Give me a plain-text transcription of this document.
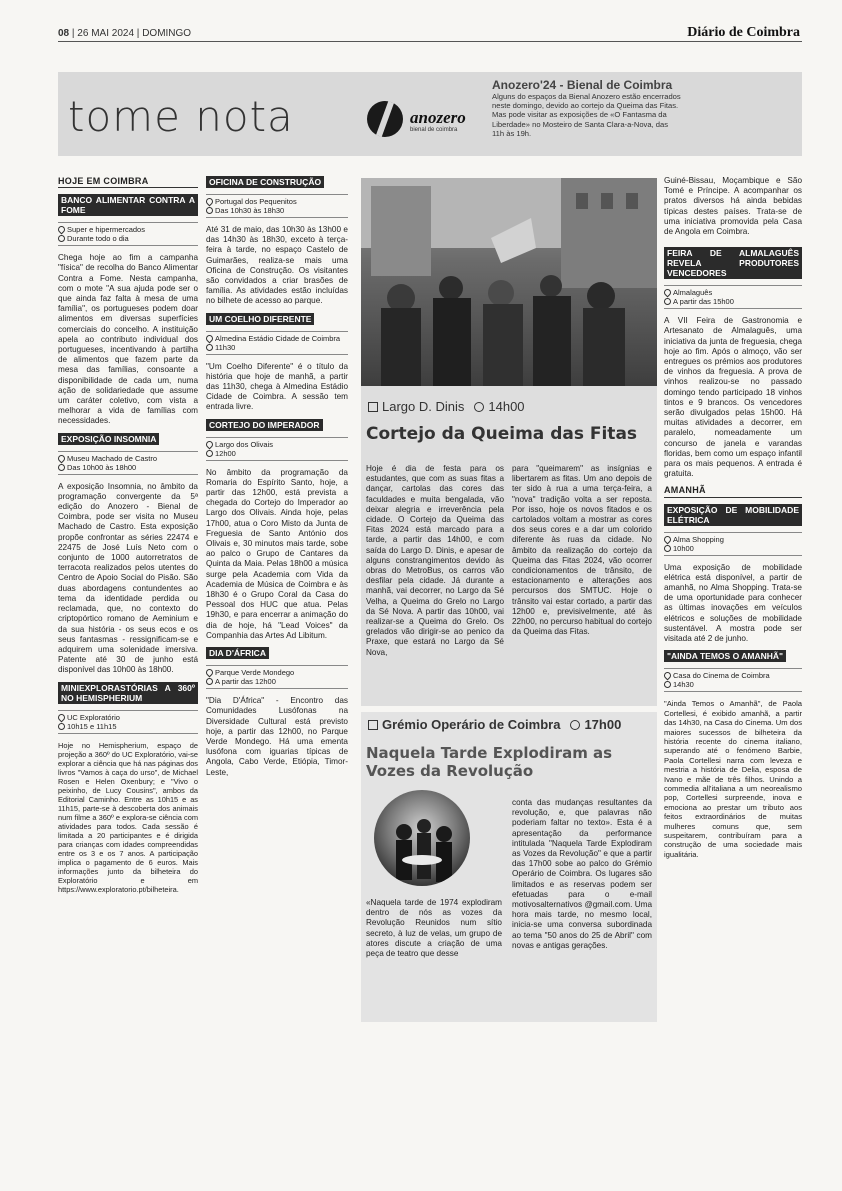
08 | 26 MAI 2024 | DOMINGO	Diário de Coimbra
tome nota	anozero
bienal de coimbra
Anozero'24 - Bienal de Coimbra
Alguns do espaços da Bienal Anozero estão encerrados neste domingo, devido ao cortejo da Queima das Fitas. Mas pode visitar as exposições de «O Fantasma da Liberdade» no Mosteiro de Santa Clara-a-Nova, das 11h às 19h.
HOJE EM COIMBRA
BANCO ALIMENTAR CONTRA A FOME
Super e hipermercados
Durante todo o dia

Chega hoje ao fim a campanha "física" de recolha do Banco Alimentar Contra a Fome. Nesta campanha, com o mote "A sua ajuda pode ser o que ainda faz falta à mesa de uma família", os portugueses podem doar alimentos em diversas superfícies comerciais do concelho. A instituição apela ao contributo individual dos portugueses, incentivando à partilha de alimentos que fazem parte da mesa das famílias, consoante a disponibilidade de cada um, numa ação de solidariedade que assume um caráter coletivo, com vista a melhorar a vida de famílias com necessidades.

EXPOSIÇÃO INSOMNIA
Museu Machado de Castro
Das 10h00 às 18h00

A exposição Insomnia, no âmbito da programação convergente da 5ª edição do Anozero - Bienal de Coimbra, pode ser visita no Museu Machado de Castro. Esta exposição propõe confrontar as séries 22474 e 22475 de José Luís Neto com o conjunto de 1000 autorretratos de terracota realizados pelos utentes do Centro de Apoio Social do Pisão. São duas abordagens contundentes ao tema da identidade perdida ou reclamada, que, no contexto do criptopórtico romano de Aeminium e da sua história - os seus ecos e os seus fantasmas - ressignificam-se e adquirem uma solenidade imersiva. Patente até 30 de junho está disponível das 10h00 às 18h00.

MINIEXPLORASTÓRIAS A 360º NO HEMISPHERIUM
UC Exploratório
10h15 e 11h15

Hoje no Hemispherium, espaço de projeção a 360º do UC Exploratório, vai-se explorar a ciência que há nas páginas dos livros "Vamos à caça do urso", de Michael Rosen e Helen Oxenbury; e "Vivo o peixinho, de Lucy Cousins", ambos da Editorial Caminho. Entre as 10h15 e as 11h15, parte-se à descoberta dos animais num filme a 360º e explora-se ciência com atividades para todos. Cada sessão é limitada a 20 participantes e é dirigida para crianças com idades compreendidas entre os 3 e os 7 anos. A participação implica o pagamento de 6 euros. Mais informações junto da bilheteira do Exploratório e em https://www.exploratorio.pt/bilheteira.

OFICINA DE CONSTRUÇÃO
Portugal dos Pequenitos
Das 10h30 às 18h30

Até 31 de maio, das 10h30 às 13h00 e das 14h30 às 18h30, exceto à terça-feira à tarde, no espaço Castelo de Guimarães, realiza-se mais uma Oficina de Construção. Os visitantes são convidados a criar brasões de família. As atividades estão incluídas no bilhete de acesso ao parque.

UM COELHO DIFERENTE
Almedina Estádio Cidade de Coimbra
11h30

"Um Coelho Diferente" é o título da história que hoje de manhã, a partir das 11h30, chega à Almedina Estádio Cidade de Coimbra. A sessão tem entrada livre.

CORTEJO DO IMPERADOR
Largo dos Olivais
12h00

No âmbito da programação da Romaria do Espírito Santo, hoje, a partir das 12h00, está prevista a chegada do Cortejo do Imperador ao Largo dos Olivais. Ainda hoje, pelas 17h00, atua o Coro Misto da Junta de Freguesia de Santo António dos Olivais e, 30 minutos mais tarde, sobe ao palco o Grupo de Cantares da Quinta da Maia. Pelas 18h00 a música surge pela Academia com Vida da Academia de Música de Coimbra e às 18h30 é o Grupo Coral da Casa do Pessoal dos HUC que atua. Pelas 19h30, e para encerrar a animação do dia de hoje, há "Lead Voices" da Companhia das Artes Ad Libitum.

DIA D'ÁFRICA
Parque Verde Mondego
A partir das 12h00

"Dia D'África" - Encontro das Comunidades Lusófonas na Diversidade Cultural está previsto hoje, a partir das 12h00, no Parque Verde Mondego. Há uma ementa lusófona com iguarias típicas de Angola, Cabo Verde, Etiópia, Timor-Leste,

Largo D. Dinis 14h00
Cortejo da Queima das Fitas
Hoje é dia de festa para os estudantes, que com as suas fitas a dançar, cartolas das cores das faculdades e muita bengalada, vão deixar alegria e irreverência pela cidade. O Cortejo da Queima das Fitas 2024 está marcado para a tarde, a partir das 14h00, e com saída do Largo D. Dinis, e apesar de alguns constrangimentos devido às obras do MetroBus, os carros vão desfilar pela cidade. Já durante a manhã, vai decorrer, no Largo da Sé Velha, a Queima do Grelo no Largo da Sé Nova. A partir das 10h00, vai realizar-se a Queima do Grelo. Os grelados vão dirigir-se ao penico da Praxe, que estará no Largo da Sé Nova,
para "queimarem" as insígnias e libertarem as fitas. Um ano depois de ter sido à rua a uma terça-feira, a "nova" tradição volta a ser reposta. Por isso, hoje os novos fitados e os cartolados voltam a mostrar as cores dos seus cores e a dar um colorido diferente às ruas da cidade. No âmbito da realização do cortejo da Queima das Fitas 2024, vão ocorrer condicionamentos de trânsito, de estacionamento e alterações aos percursos dos SMTUC. Hoje o trânsito vai estar cortado, a partir das 12h00 e, previsivelmente, até às 22h00, no percurso habitual do cortejo da Queima das Fitas.
Grémio Operário de Coimbra 17h00
Naquela Tarde Explodiram as Vozes da Revolução
«Naquela tarde de 1974 explodiram dentro de nós as vozes da Revolução Reunidos num sítio secreto, à luz de velas, um grupo de atores discute a criação de uma peça de teatro que desse
conta das mudanças resultantes da revolução, e, que palavras não poderiam faltar no texto». Esta é a apresentação da performance intitulada "Naquela Tarde Explodiram as Vozes da Revolução" e que a partir das 17h00 sobe ao palco do Grémio Operário de Coimbra. Os lugares são limitados e as reservas podem ser efetuadas para o e-mail motivosalternativos @gmail.com. Uma hora mais tarde, no mesmo local, inicia-se uma conversa subordinada ao tema "50 anos do 25 de Abril" com novas e antigas gerações.

Guiné-Bissau, Moçambique e São Tomé e Príncipe. A acompanhar os pratos diversos há ainda bebidas típicas destes países. Trata-se de uma iniciativa promovida pela Casa de Angola em Coimbra.

FEIRA DE ALMALAGUÊS REVELA PRODUTORES VENCEDORES
Almalaguês
A partir das 15h00

A VII Feira de Gastronomia e Artesanato de Almalaguês, uma iniciativa da junta de freguesia, chega hoje ao fim. Após o almoço, vão ser entregues os prémios aos produtores de vinhos da freguesia. A prova de vinhos realizou-se no passado domingo tendo participado 18 vinhos tintos e 9 brancos. Os vencedores serão divulgados pelas 15h00. Há muitas atividades a decorrer, em paralelo, nomeadamente um concurso de janela e varandas floridas, bem como um espaço infantil para os mais pequenos. A entrada é gratuita.

AMANHÃ
EXPOSIÇÃO DE MOBILIDADE ELÉTRICA
Alma Shopping
10h00

Uma exposição de mobilidade elétrica está disponível, a partir de amanhã, no Alma Shopping. Trata-se de uma oportunidade para conhecer as últimas inovações em veículos elétricos e soluções de mobilidade sustentável. A mostra pode ser visitada até 2 de junho.

"AINDA TEMOS O AMANHÃ"
Casa do Cinema de Coimbra
14h30

"Ainda Temos o Amanhã", de Paola Cortellesi, é exibido amanhã, a partir das 14h30, na Casa do Cinema. Um dos maiores sucessos de bilheteira da história recente do cinema italiano, superando até o fenómeno Barbie, Paola Cortellesi narra com leveza e mestria a história de Delia, esposa de Ivano e mãe de três filhos. Unindo a commedia all'italiana a um neorealismo pop, Cortellesi surpreende, inova e emociona ao prestar um tributo aos feitos extraordinários de muitas mulheres comuns que, sem suspeitarem, contribuíram para a construção de uma sociedade mais igualitária.
